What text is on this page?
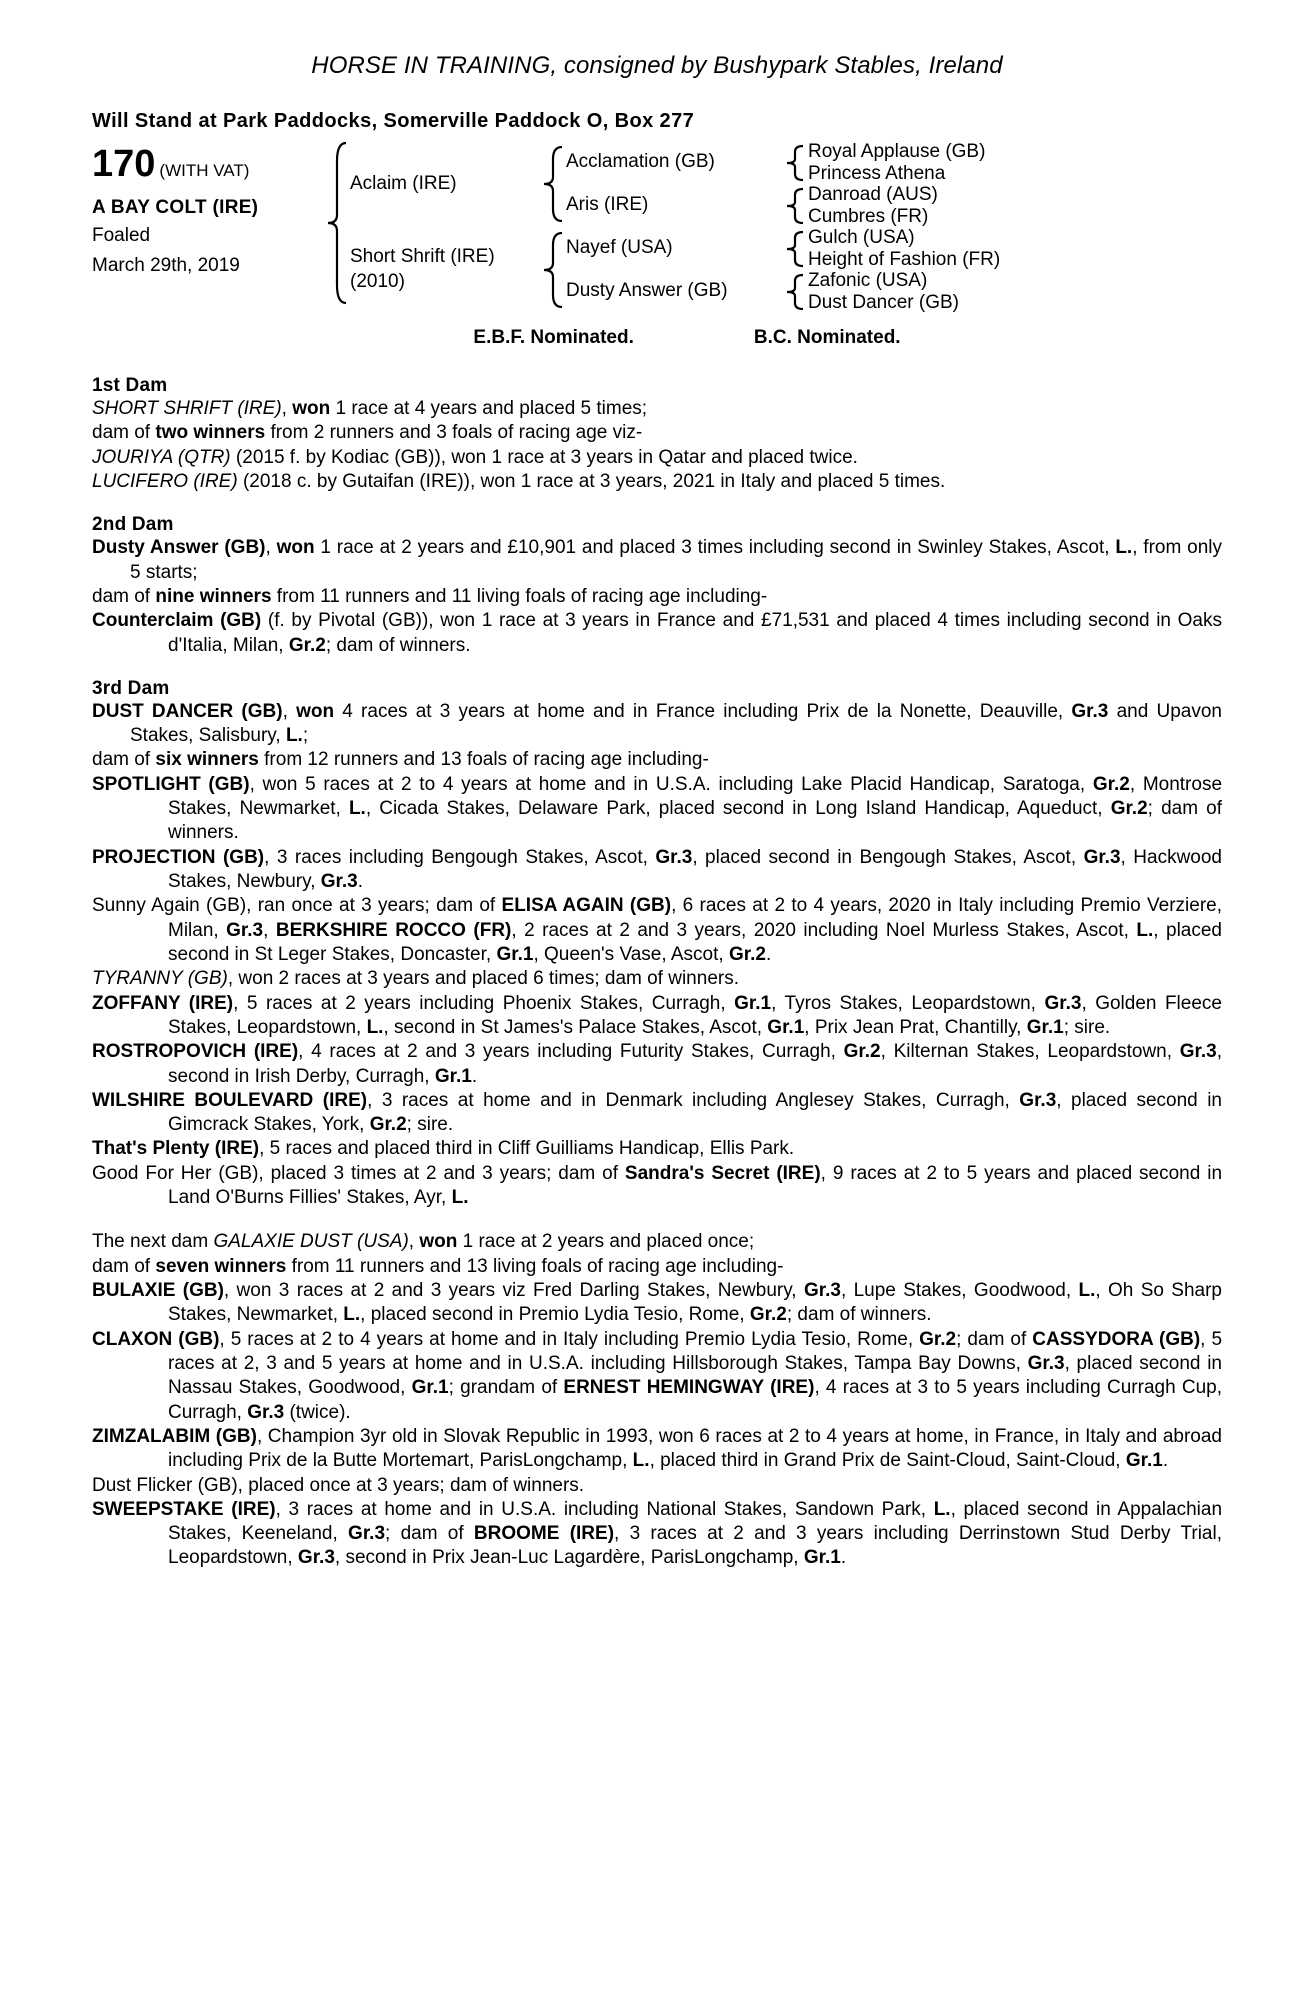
HORSE IN TRAINING, consigned by Bushypark Stables, Ireland
Will Stand at Park Paddocks, Somerville Paddock O, Box 277
170 (WITH VAT)
A BAY COLT (IRE)
Foaled
March 29th, 2019
Aclaim (IRE)
Short Shrift (IRE)
(2010)
Acclamation (GB)
Aris (IRE)
Nayef (USA)
Dusty Answer (GB)
Royal Applause (GB)
Princess Athena
Danroad (AUS)
Cumbres (FR)
Gulch (USA)
Height of Fashion (FR)
Zafonic (USA)
Dust Dancer (GB)
E.B.F. Nominated.	B.C. Nominated.
1st Dam

SHORT SHRIFT (IRE), won 1 race at 4 years and placed 5 times;

dam of two winners from 2 runners and 3 foals of racing age viz-

JOURIYA (QTR) (2015 f. by Kodiac (GB)), won 1 race at 3 years in Qatar and placed twice.

LUCIFERO (IRE) (2018 c. by Gutaifan (IRE)), won 1 race at 3 years, 2021 in Italy and placed 5 times.

2nd Dam

Dusty Answer (GB), won 1 race at 2 years and £10,901 and placed 3 times including second in Swinley Stakes, Ascot, L., from only 5 starts;

dam of nine winners from 11 runners and 11 living foals of racing age including-

Counterclaim (GB) (f. by Pivotal (GB)), won 1 race at 3 years in France and £71,531 and placed 4 times including second in Oaks d'Italia, Milan, Gr.2; dam of winners.

3rd Dam

DUST DANCER (GB), won 4 races at 3 years at home and in France including Prix de la Nonette, Deauville, Gr.3 and Upavon Stakes, Salisbury, L.;

dam of six winners from 12 runners and 13 foals of racing age including-

SPOTLIGHT (GB), won 5 races at 2 to 4 years at home and in U.S.A. including Lake Placid Handicap, Saratoga, Gr.2, Montrose Stakes, Newmarket, L., Cicada Stakes, Delaware Park, placed second in Long Island Handicap, Aqueduct, Gr.2; dam of winners.

PROJECTION (GB), 3 races including Bengough Stakes, Ascot, Gr.3, placed second in Bengough Stakes, Ascot, Gr.3, Hackwood Stakes, Newbury, Gr.3.

Sunny Again (GB), ran once at 3 years; dam of ELISA AGAIN (GB), 6 races at 2 to 4 years, 2020 in Italy including Premio Verziere, Milan, Gr.3, BERKSHIRE ROCCO (FR), 2 races at 2 and 3 years, 2020 including Noel Murless Stakes, Ascot, L., placed second in St Leger Stakes, Doncaster, Gr.1, Queen's Vase, Ascot, Gr.2.

TYRANNY (GB), won 2 races at 3 years and placed 6 times; dam of winners.

ZOFFANY (IRE), 5 races at 2 years including Phoenix Stakes, Curragh, Gr.1, Tyros Stakes, Leopardstown, Gr.3, Golden Fleece Stakes, Leopardstown, L., second in St James's Palace Stakes, Ascot, Gr.1, Prix Jean Prat, Chantilly, Gr.1; sire.

ROSTROPOVICH (IRE), 4 races at 2 and 3 years including Futurity Stakes, Curragh, Gr.2, Kilternan Stakes, Leopardstown, Gr.3, second in Irish Derby, Curragh, Gr.1.

WILSHIRE BOULEVARD (IRE), 3 races at home and in Denmark including Anglesey Stakes, Curragh, Gr.3, placed second in Gimcrack Stakes, York, Gr.2; sire.

That's Plenty (IRE), 5 races and placed third in Cliff Guilliams Handicap, Ellis Park.

Good For Her (GB), placed 3 times at 2 and 3 years; dam of Sandra's Secret (IRE), 9 races at 2 to 5 years and placed second in Land O'Burns Fillies' Stakes, Ayr, L.

The next dam GALAXIE DUST (USA), won 1 race at 2 years and placed once;

dam of seven winners from 11 runners and 13 living foals of racing age including-

BULAXIE (GB), won 3 races at 2 and 3 years viz Fred Darling Stakes, Newbury, Gr.3, Lupe Stakes, Goodwood, L., Oh So Sharp Stakes, Newmarket, L., placed second in Premio Lydia Tesio, Rome, Gr.2; dam of winners.

CLAXON (GB), 5 races at 2 to 4 years at home and in Italy including Premio Lydia Tesio, Rome, Gr.2; dam of CASSYDORA (GB), 5 races at 2, 3 and 5 years at home and in U.S.A. including Hillsborough Stakes, Tampa Bay Downs, Gr.3, placed second in Nassau Stakes, Goodwood, Gr.1; grandam of ERNEST HEMINGWAY (IRE), 4 races at 3 to 5 years including Curragh Cup, Curragh, Gr.3 (twice).

ZIMZALABIM (GB), Champion 3yr old in Slovak Republic in 1993, won 6 races at 2 to 4 years at home, in France, in Italy and abroad including Prix de la Butte Mortemart, ParisLongchamp, L., placed third in Grand Prix de Saint-Cloud, Saint-Cloud, Gr.1.

Dust Flicker (GB), placed once at 3 years; dam of winners.

SWEEPSTAKE (IRE), 3 races at home and in U.S.A. including National Stakes, Sandown Park, L., placed second in Appalachian Stakes, Keeneland, Gr.3; dam of BROOME (IRE), 3 races at 2 and 3 years including Derrinstown Stud Derby Trial, Leopardstown, Gr.3, second in Prix Jean-Luc Lagardère, ParisLongchamp, Gr.1.
